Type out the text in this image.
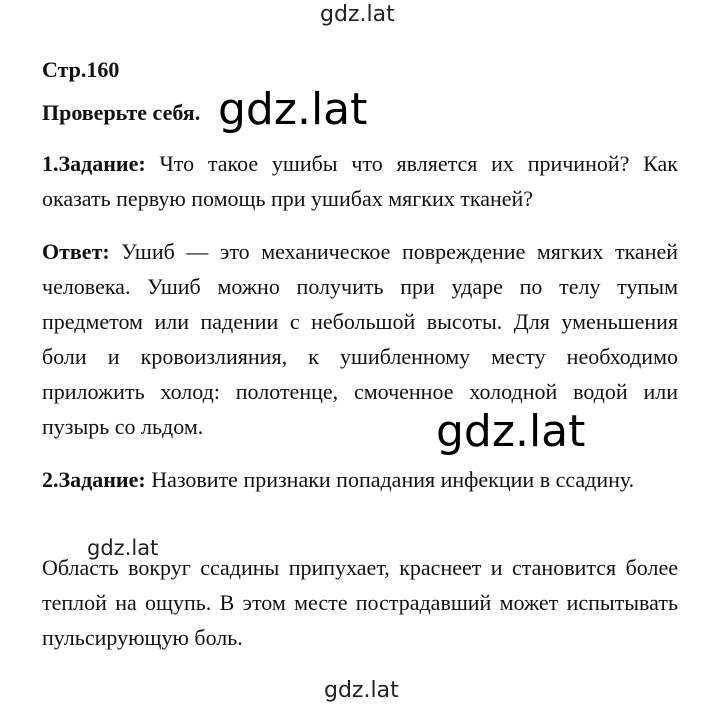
gdz.lat
Стр.160
Проверьте себя. gdz.lat
1.Задание: Что такое ушибы что является их причиной? Как оказать первую помощь при ушибах мягких тканей?
Ответ: Ушиб — это механическое повреждение мягких тканей человека. Ушиб можно получить при ударе по телу тупым предметом или падении с небольшой высоты. Для уменьшения боли и кровоизлияния, к ушибленному месту необходимо приложить холод: полотенце, смоченное холодной водой или пузырь со льдом.	gdz.lat
2.Задание: Назовите признаки попадания инфекции в ссадину.
gdz.lat
Область вокруг ссадины припухает, краснеет и становится более теплой на ощупь. В этом месте пострадавший может испытывать пульсирующую боль.
gdz.lat
